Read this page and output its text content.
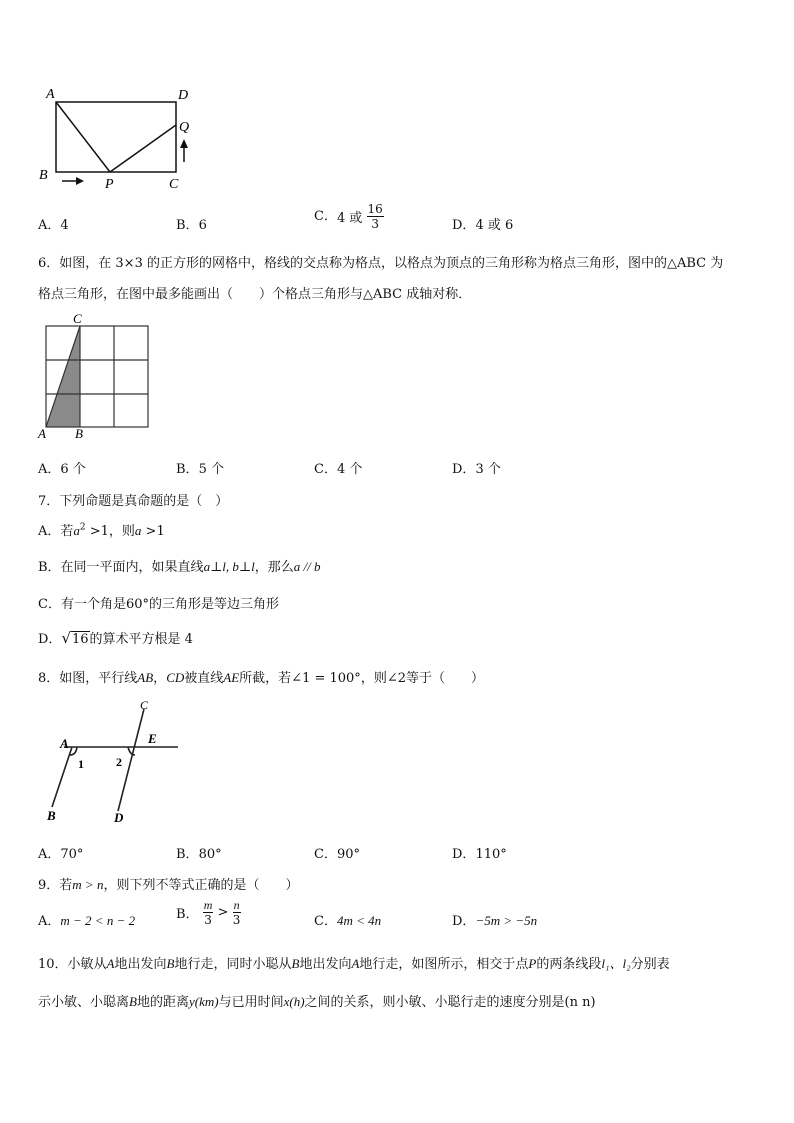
A	D
Q
B
P	C
A．4	B．6
C．4 或 $\frac{16}{3}$	D．4 或 6
6．如图，在 3×3 的正方形的网格中，格线的交点称为格点，以格点为顶点的三角形称为格点三角形，图中的△ABC 为
格点三角形，在图中最多能画出（　　）个格点三角形与△ABC 成轴对称．
C
A B
A．6 个	B．5 个	C．4 个	D．3 个
7．下列命题是真命题的是（　）
A．若$a^2 >1$，则a >1
B．在同一平面内，如果直线a⊥l, b⊥l，那么a // b
C．有一个角是60°的三角形是等边三角形
D．√16的算术平方根是 4
8．如图，平行线AB，CD被直线AE所截，若∠1 = 100°，则∠2等于（　　）
C
A	E
1	2
B	D
A．70°	B．80°	C．90°	D．110°
9．若m > n，则下列不等式正确的是（　　）
A．m − 2 < n − 2	B． $\frac{m}{3} > \frac{n}{3}$	C．4m < 4n	D．−5m > −5n
10．小敏从A地出发向B地行走，同时小聪从B地出发向A地行走，如图所示，相交于点P的两条线段l₁、l₂分别表
示小敏、小聪离B地的距离y(km)与已用时间x(h)之间的关系，则小敏、小聪行走的速度分别是(n n)
